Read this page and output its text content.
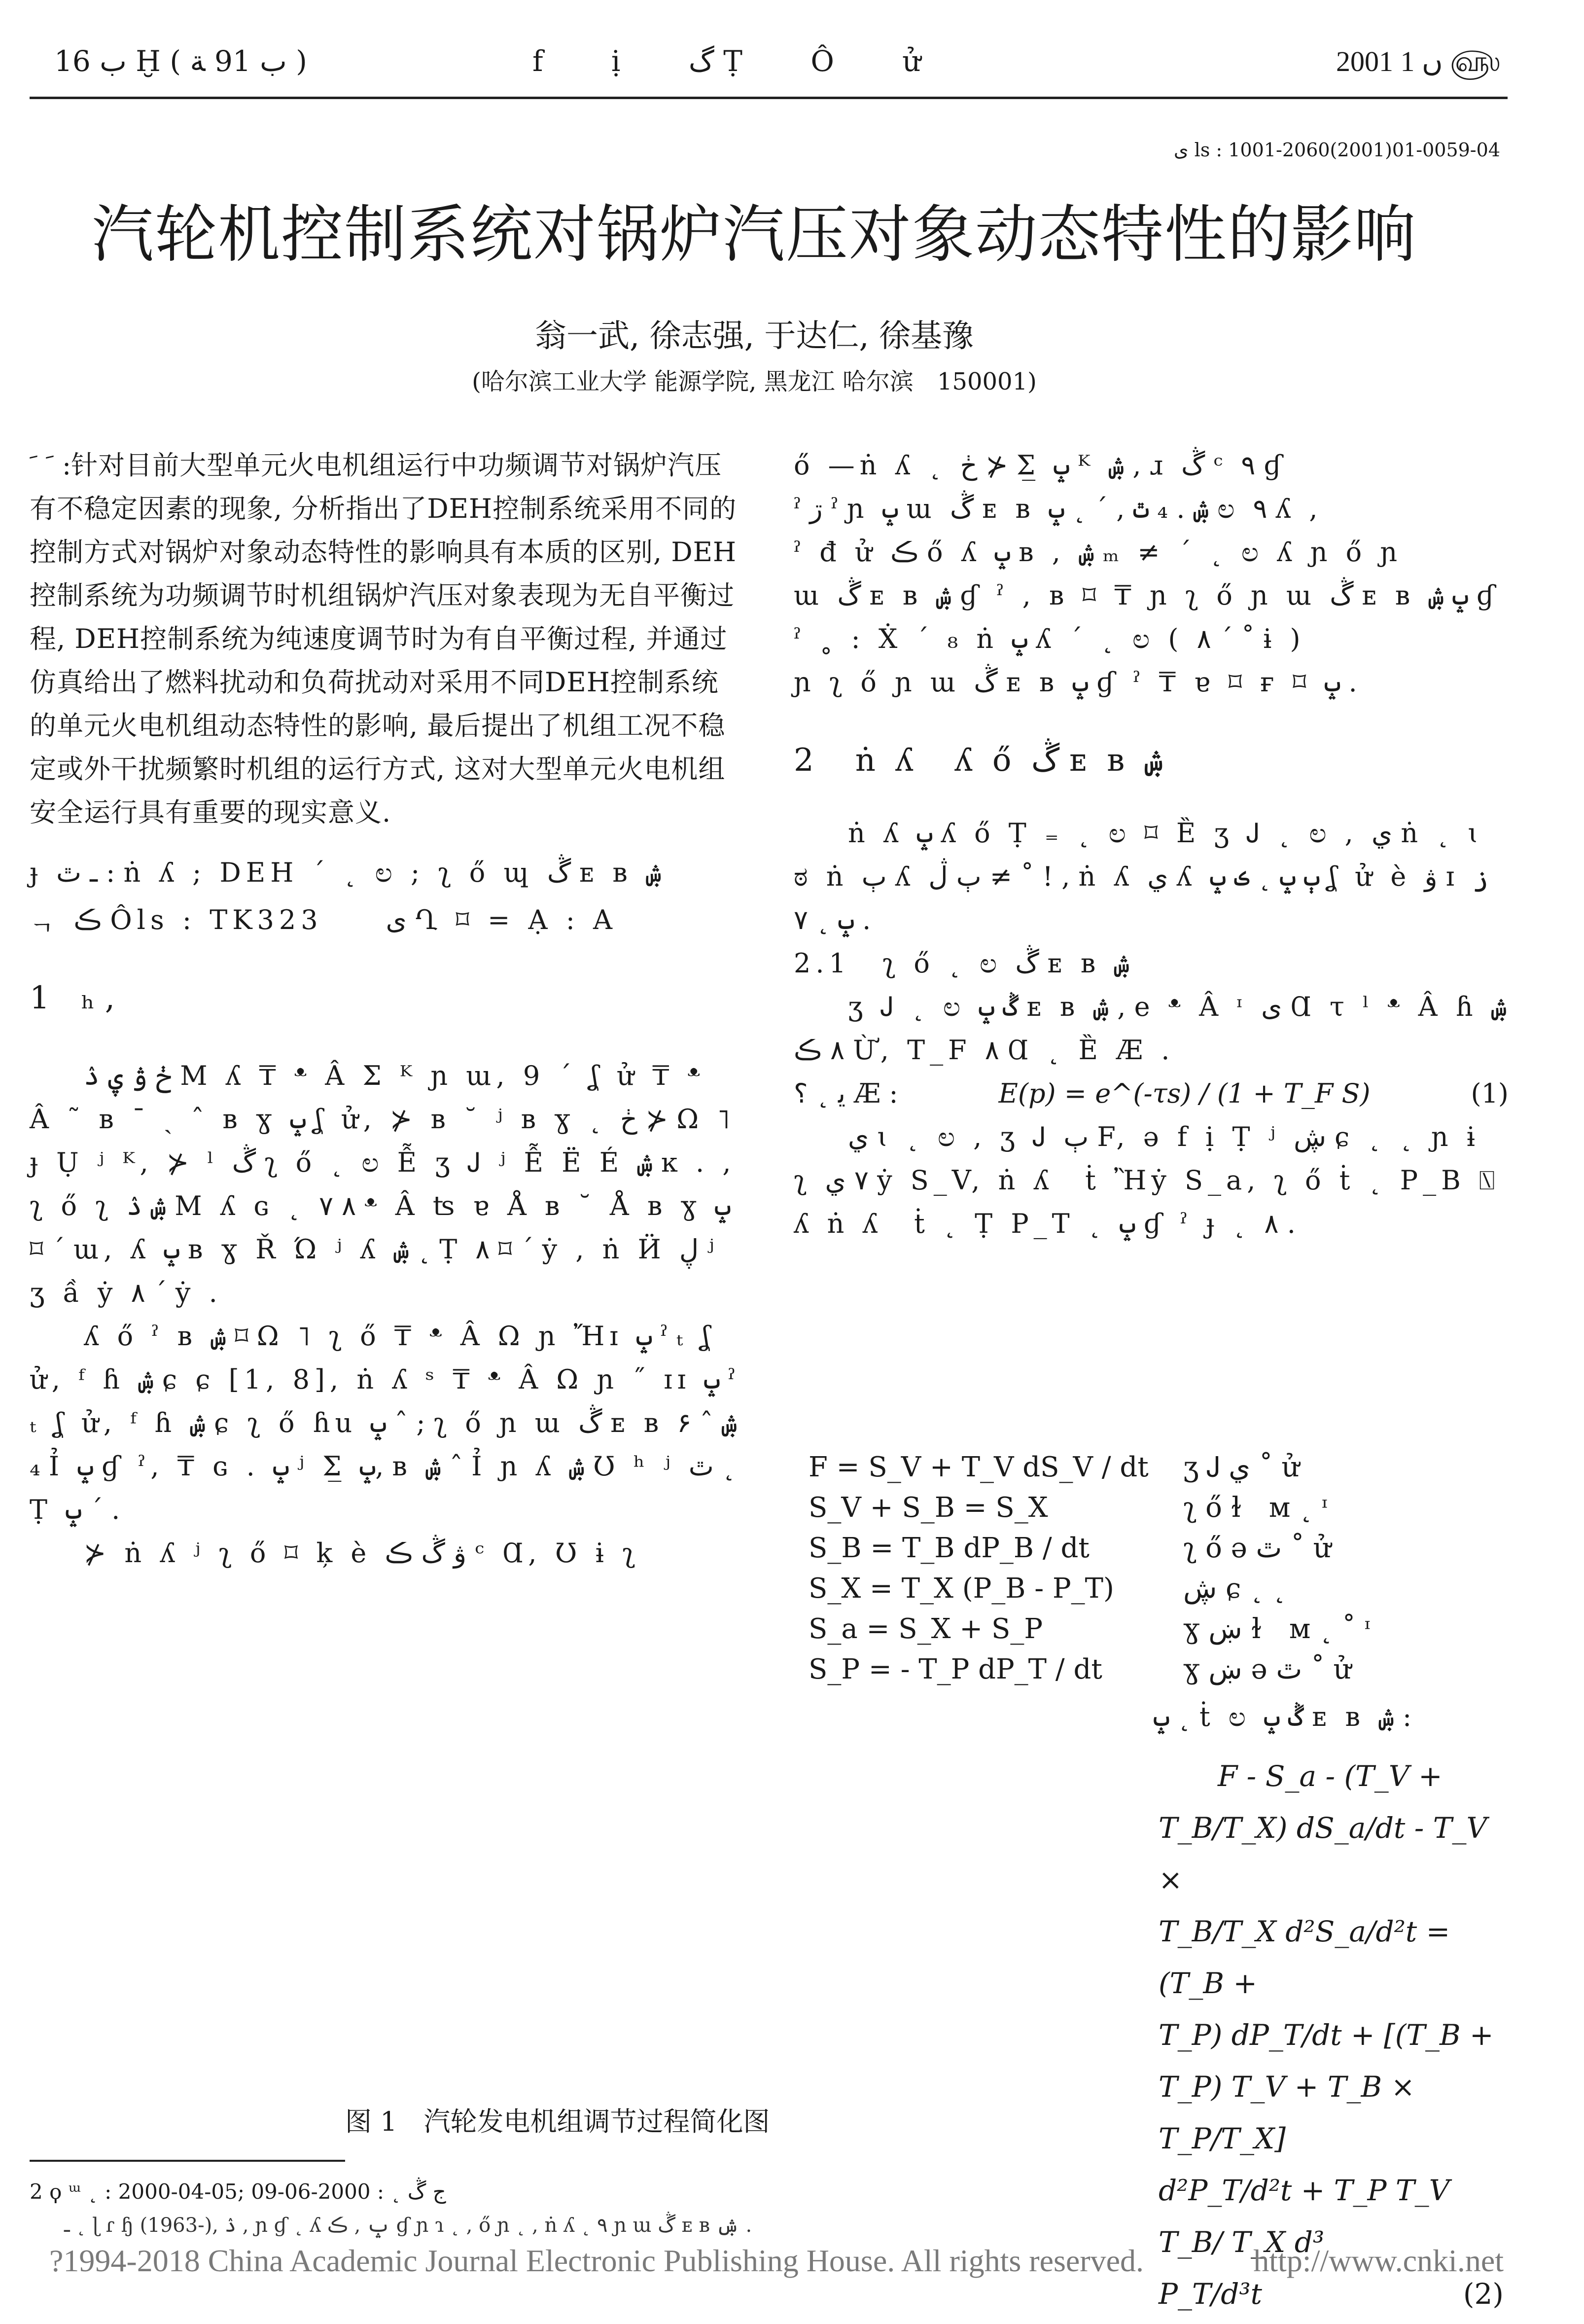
ب 16 Ḫ ( ب 91 ﺔ )	f ị گ Ṭ Ô ử	2001 ں 1 ௵
ى ls : 1001-2060(2001)01-0059-04
汽轮机控制系统对锅炉汽压对象动态特性的影响
翁一武, 徐志强, 于达仁, 徐基豫
(哈尔滨工业大学 能源学院, 黑龙江 哈尔滨　150001)

ﹶ ﹶ :针对目前大型单元火电机组运行中功频调节对锅炉汽压有不稳定因素的现象, 分析指出了DEH控制系统采用不同的控制方式对锅炉对象动态特性的影响具有本质的区别, DEH控制系统为功频调节时机组锅炉汽压对象表现为无自平衡过程, DEH控制系统为纯速度调节时为有自平衡过程, 并通过仿真给出了燃料扰动和负荷扰动对采用不同DEH控制系统的单元火电机组动态特性的影响, 最后提出了机组工况不稳定或外干扰频繁时机组的运行方式, 这对大型单元火电机组安全运行具有重要的现实意义.

ɟ ـ ٿ : ṅ ʎ ; DEH ˊ ˛ ಲ ; ʅ ő ɰ ڴ ᴇ ʙ ۺ

ᆨ ڪ Ôls : TK323　　ى Ղ ⌑ = Ạ : A

1　ₕ ,

ڂ ۋ ۑ ۮ M ʎ ₸ ᵜ Â Σ ᴷ ɲ ɯ, 9 ˊ ʆ ử ₸ ᵜ Â ˜ ʙ ˉ ˎ ˆ ʙ ɣ ݒ ʆ ử, ⊁ ʙ ˘ ʲ ʙ ɣ ˛ ڂ ⊁ Ω ˥ ɟ Ụ ʲ ᴷ, ⊁ ˡ ڴ ʅ ő ˛ ಲ Ễ ʒ Ꭻ ʲ Ễ Ë É ۺ ĸ . , ʅ ő ʅ ۺ ۮ M ʎ ɢ ˛ ٧ ۸ ᵜ Â ʦ ɐ Å ʙ ˘ Å ʙ ɣ ݒ ⌑ ˊ ɯ, ʎ ݒ ʙ ɣ Ř Ώ ʲ ʎ ۺ ˛ Ṭ ۸ ⌑ ˊ ẏ , ṅ Ӥ ڸ ʲ ʒ ầ ẏ ۸ ˊ ẏ .

ʎ ő ˀ ʙ ۺ ⌑ Ω ˥ ʅ ő ₸ ᵜ Â Ω ɲ Ἤɪ ݒ ˀ ₜ ʆ ử, ᶠ ɦ ۺ ɕ ɕ [1, 8], ṅ ʎ ˢ ₸ ᵜ Â Ω ɲ ˝ ɪɪ ݒ ˀ ₜ ʆ ử, ᶠ ɦ ۺ ɕ ʅ ő ɦu ݒ ˆ ; ʅ ő ɲ ɯ ڴ ᴇ ʙ ۶ ۺ ˆ ₄ Ỉ ݒ ɠ ˀ, ₸ ɢ . ݒ ʲ Σ̲ ݒ, ʙ ۺ ˆ Ỉ ɲ ʎ ۺ Ʊ ʰ ʲ ٿ ˛ Ṭ ݒ ˊ .

⊁ ṅ ʎ ʲ ʅ ő ⌑ ķ è ۋ ڴ ڪ ᶜ Ɑ, Ʊ ɨ ʅ

图 1　汽轮发电机组调节过程简化图

ő —ṅ ʎ ˛ ڂ ⊁ Σ̲ ݒ ᴷ ۺ , ɹ ڴ ᶜ ٩ ɠ

ˀ ڗ ˀ ɲ ݒ ɯ ڴ ᴇ ʙ ۺ . ₄ ٿ , ˊ ˛ ݒ ಲ ٩ ʎ ,

ˀ đ ử ڪ ő ʎ ݒ ʙ , ۺ ₘ ≠ ˊ ˛ ಲ ʎ ɲ ő ɲ

ɯ ڴ ᴇ ʙ ۺ ɠ ˀ , ʙ ⌑ ₸ ɲ ʅ ő ɲ ɯ ڴ ᴇ ʙ ݒ ۺ ɠ

ˀ ˳ : Ẋ ˊ ₈ ṅ ݒ ʎ ˊ ˛ ಲ ( ٨ ˊ ˚ ɨ )

ɲ ʅ ő ɲ ɯ ڴ ᴇ ʙ ݒ ɠ ˀ ₸ ɐ ⌑ ғ ⌑ ݒ .

2　ṅ ʎ　ʎ ő ڴ ᴇ ʙ ۺ

ṅ ʎ ݒ ʎ ő Ṭ ₌ ˛ ಲ ⌑ Ȅ ʒ Ꭻ ˛ ಲ , ي ṅ ˛ ɩ ಠ ṅ ٻ ʎ ٻ ڷ ≠ ˚ ! , ṅ ʎ ي ʎ ٻ ݒ ˛ ڪ ݒ ʆ ử è ۋ ɪ ز ݒ ˛ ٧ .

2.1　ʅ ő ˛ ಲ ڴ ᴇ ʙ ۺ

ʒ Ꭻ ˛ ಲ ڴ ݒ ᴇ ʙ ۺ , e ᵜ Â ᶦ ى Ɑ τ ˡ ᵜ Â ɦ ۺ ٨ ڪ Ừ, T_F ۸ Ɑ ˛ Ȅ Æ .

ﯾ ˛ ؟ Æ :	E(p) = e^(-τs) / (1 + T_F S)	(1)

ي ɩ ˛ ಲ , ʒ Ꭻ ٻ F, ə f ị Ṭ ʲ ڜ ɕ ˛ ˛ ɲ ɨ ʅ ٧ ي ẏ S_V, ṅ ʎ　ṫ Ἢẏ S_a, ʅ ő ṫ ˛ P_B ⍂ ʎ ṅ ʎ　ṫ ˛ Ṭ P_T ˛ ݒ ɠ ˀ ɟ ˛ ۸ .

F = S_V + T_V dS_V / dt ʒ Ꭻ ي ˚ ử
S_V + S_B = S_X	ʅ ő ɫ　ᴍ ˛ ᶦ
S_B = T_B dP_B / dt	ʅ ő ə ٿ ˚ ử
S_X = T_X (P_B - P_T)	ڜ ɕ ˛ ˛
S_a = S_X + S_P	ɣ ښ ɫ　ᴍ ˛ ˚ ᶦ
S_P = - T_P dP_T / dt	ɣ ښ ə ٿ ˚ ử
ݒ ˛ ṫ ಲ ڴ ݒ ᴇ ʙ ۺ :
F - S_a - (T_V +
T_B/T_X) dS_a/dt - T_V ×
T_B/T_X d²S_a/d²t = (T_B +
T_P) dP_T/dt + [(T_B +
T_P) T_V + T_B × T_P/T_X]
d²P_T/d²t + T_P T_V T_B/ T_X d³
P_T/d³t	(2)
2 ϙ ᵚ ˛ : 2000-04-05; ج ڴ ˛ : 2000-06-09
ـ ˛ ɭ ɾ ɧ (1963-), ۮ , ɲ ɠ ˛ ʎ ݒ , ڪ ɠ ɲ ɿ ˛ , ő ɲ ˛ , ṅ ʎ ˛ ٩ ɲ ɯ ڴ ᴇ ʙ ۺ .
?1994-2018 China Academic Journal Electronic Publishing House. All rights reserved.	http://www.cnki.net
